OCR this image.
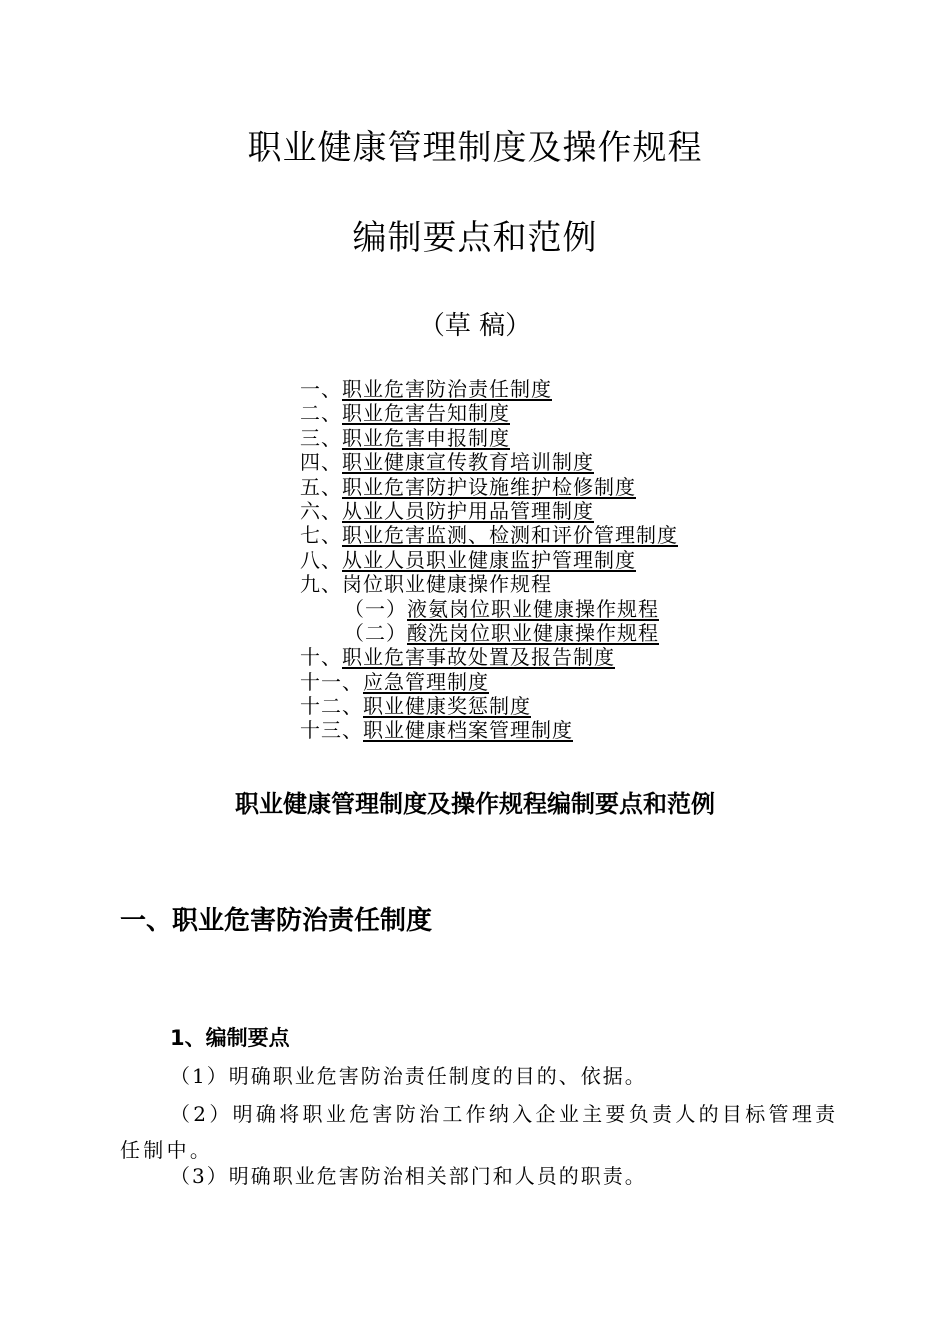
职业健康管理制度及操作规程
编制要点和范例
（草 稿）
一、职业危害防治责任制度
二、职业危害告知制度
三、职业危害申报制度
四、职业健康宣传教育培训制度
五、职业危害防护设施维护检修制度
六、从业人员防护用品管理制度
七、职业危害监测、检测和评价管理制度
八、从业人员职业健康监护管理制度
九、岗位职业健康操作规程
（一）液氨岗位职业健康操作规程
（二）酸洗岗位职业健康操作规程
十、职业危害事故处置及报告制度
十一、应急管理制度
十二、职业健康奖惩制度
十三、职业健康档案管理制度
职业健康管理制度及操作规程编制要点和范例
一、职业危害防治责任制度
1、编制要点
（1）明确职业危害防治责任制度的目的、依据。
（2）明确将职业危害防治工作纳入企业主要负责人的目标管理责任制中。
（3）明确职业危害防治相关部门和人员的职责。
